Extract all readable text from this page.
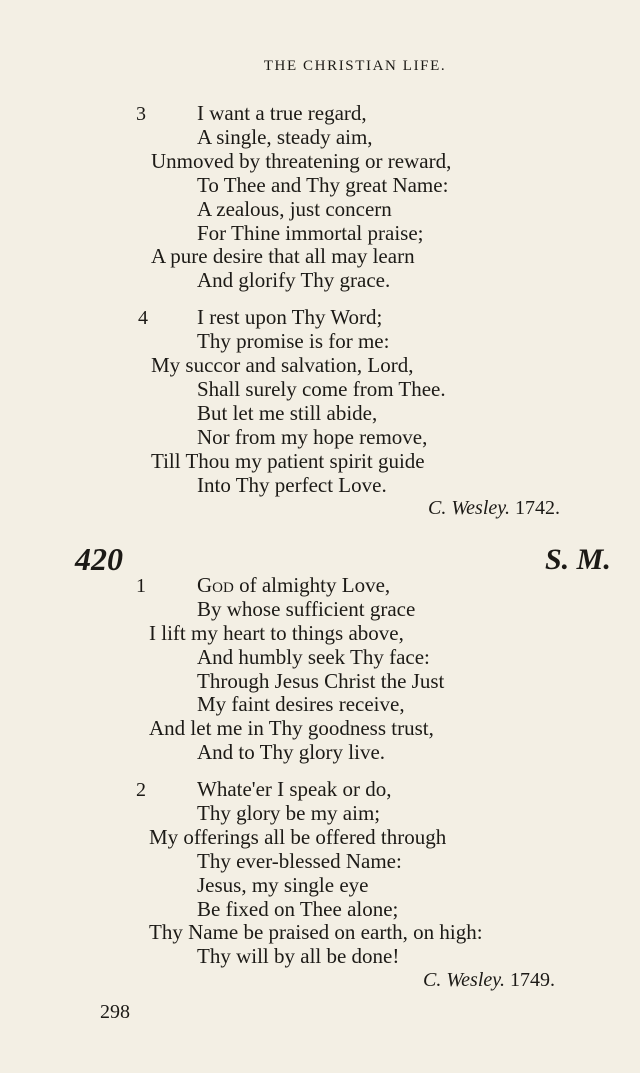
THE CHRISTIAN LIFE.
3 I want a true regard,
A single, steady aim,
Unmoved by threatening or reward,
To Thee and Thy great Name:
A zealous, just concern
For Thine immortal praise;
A pure desire that all may learn
And glorify Thy grace.
4 I rest upon Thy Word;
Thy promise is for me:
My succor and salvation, Lord,
Shall surely come from Thee.
But let me still abide,
Nor from my hope remove,
Till Thou my patient spirit guide
Into Thy perfect Love.
C. Wesley. 1742.
420	S. M.
1 God of almighty Love,
By whose sufficient grace
I lift my heart to things above,
And humbly seek Thy face:
Through Jesus Christ the Just
My faint desires receive,
And let me in Thy goodness trust,
And to Thy glory live.
2 Whate'er I speak or do,
Thy glory be my aim;
My offerings all be offered through
Thy ever-blessed Name:
Jesus, my single eye
Be fixed on Thee alone;
Thy Name be praised on earth, on high:
Thy will by all be done!
C. Wesley. 1749.
298
